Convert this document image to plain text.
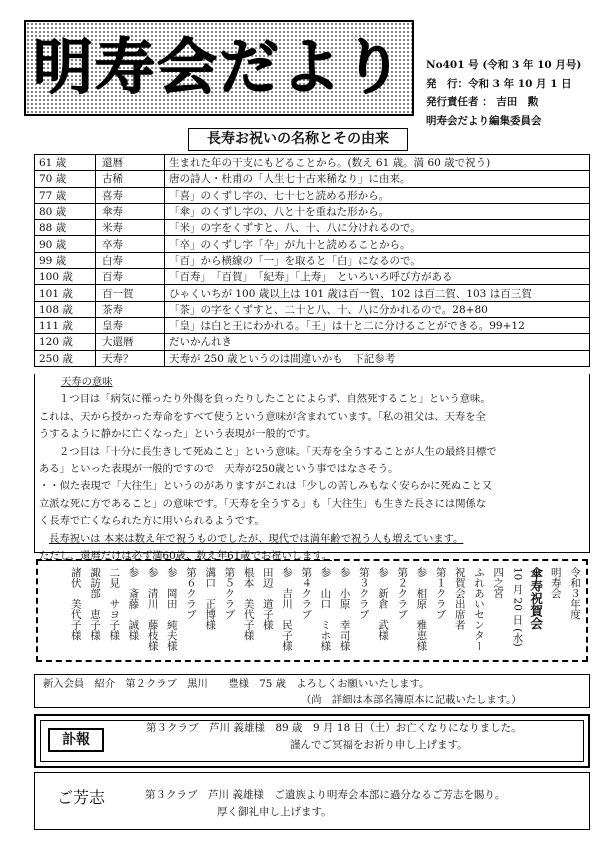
明寿会だより No401 号 (令和 3 年 10 月号)
発　行：令和 3 年 10 月 1 日
発行責任者 ： 吉田　勲
明寿会だより編集委員会
長寿お祝いの名称とその由来
61 歳	還暦	生まれた年の干支にもどることから。(数え 61 歳。満 60 歳で祝う)
70 歳	古稀	唐の詩人・杜甫の「人生七十古来稀なり」に由来。
77 歳	喜寿	「喜」のくずし字の、七十七と読める形から。
80 歳	傘寿	「傘」のくずし字の、八と十を重ねた形から。
88 歳	米寿	「米」の字をくずすと、八、十、八に分けれるので。
90 歳	卒寿	「卒」のくずし字「卆」が九十と読めることから。
99 歳	白寿	「百」から横線の「一」を取ると「白」になるので。
100 歳	百寿	「百寿」　「百賀」　「紀寿」「上寿」　といろいろ呼び方がある
101 歳	百一賀	ひゃくいちが 100 歳以上は 101 歳は百一賀、102 は百二賀、103 は百三賀
108 歳	茶寿	「茶」の字をくずすと、二十と八、十、八に分かれるので。28+80
111 歳	皇寿	「皇」は白と王にわかれる。「王」は十と二に分けることができる。99+12
120 歳	大還暦	だいかんれき
250 歳	天寿？	天寿が 250 歳というのは間違いかも　下記参考

天寿の意味

１つ目は「病気に罹ったり外傷を負ったりしたことによらず、自然死すること」という意味。

これは、天から授かった寿命をすべて使うという意味が含まれています。「私の祖父は、天寿を全

うするように静かに亡くなった」という表現が一般的です。

２つ目は「十分に長生きして死ぬこと」という意味。「天寿を全うすることが人生の最終目標で

ある」といった表現が一般的ですので　天寿が250歳という事ではなさそう。

・・似た表現で「大往生」というのがありますがこれは「少しの苦しみもなく安らかに死ぬこと又

立派な死に方であること」の意味です。「天寿を全うする」も「大往生」も生きた長さには関係な

く長寿で亡くなられた方に用いられるようです。

長寿祝いは 本来は数え年で祝うものでしたが、現代では満年齢で祝う人も増えています。

ただし、還暦だけは必ず満60歳、数え年61歳でお祝いします。

令和３年度
明寿会
傘寿祝賀会
10 月 20 日 (水)
四之宮
ふれあいセンター
祝賀会出席者
第１クラブ
参　相原　雅恵様
第２クラブ
参　新倉　武様
第３クラブ
参　小原　幸司様
参　山口　ミホ様
第４クラブ
参　吉川　民子様
田辺　道子様
根本　美代子様
第５クラブ
溝口　正博様
第６クラブ
参　岡田　純夫様
参　清川　藤枝様
参　斎藤　誠様
二見　サヨ子様
諏訪部　恵子様
諸伏　美代子様
新入会員　紹介　第２クラブ　黒川　　豊様　75 歳　よろしくお願いいたします。
（尚　詳細は本部名簿原本に記載いたします。）
訃報
第３クラブ　芦川 義雄様　89 歳　9 月 18 日（土）お亡くなりになりました。
謹んでご冥福をお祈り申し上げます。
ご芳志	第３クラブ　芦川 義雄様　ご遺族より明寿会本部に過分なるご芳志を賜り。
厚く御礼申し上げます。
